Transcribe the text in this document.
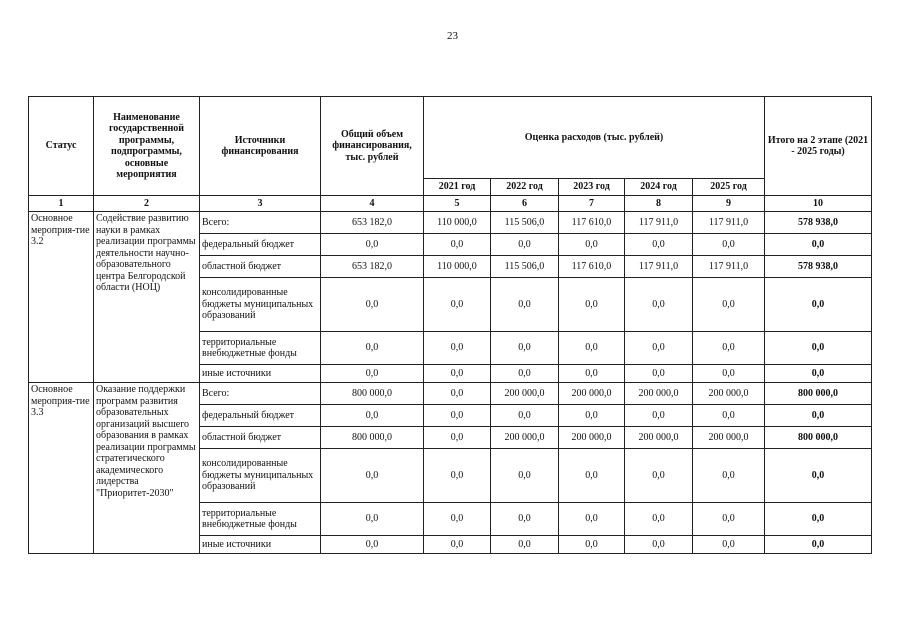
23
Статус	Наименование государственной программы, подпрограммы, основные мероприятия	Источники финансирования	Общий объем финансирования, тыс. рублей	Оценка расходов (тыс. рублей)					Итого на 2 этапе (2021 - 2025 годы)
				2021 год	2022 год	2023 год	2024 год	2025 год	
1	2	3	4	5	6	7	8	9	10
Основное мероприя-тие 3.2	Содействие развитию науки в рамках реализации программы деятельности научно-образовательного центра Белгородской области (НОЦ)	Всего:	653 182,0	110 000,0	115 506,0	117 610,0	117 911,0	117 911,0	578 938,0
		федеральный бюджет	0,0	0,0	0,0	0,0	0,0	0,0	0,0
		областной бюджет	653 182,0	110 000,0	115 506,0	117 610,0	117 911,0	117 911,0	578 938,0
		консолидированные бюджеты муниципальных образований	0,0	0,0	0,0	0,0	0,0	0,0	0,0
		территориальные внебюджетные фонды	0,0	0,0	0,0	0,0	0,0	0,0	0,0
		иные источники	0,0	0,0	0,0	0,0	0,0	0,0	0,0
Основное мероприя-тие 3.3	Оказание поддержки программ развития образовательных организаций высшего образования в рамках реализации программы стратегического академического лидерства "Приоритет-2030"	Всего:	800 000,0	0,0	200 000,0	200 000,0	200 000,0	200 000,0	800 000,0
		федеральный бюджет	0,0	0,0	0,0	0,0	0,0	0,0	0,0
		областной бюджет	800 000,0	0,0	200 000,0	200 000,0	200 000,0	200 000,0	800 000,0
		консолидированные бюджеты муниципальных образований	0,0	0,0	0,0	0,0	0,0	0,0	0,0
		территориальные внебюджетные фонды	0,0	0,0	0,0	0,0	0,0	0,0	0,0
		иные источники	0,0	0,0	0,0	0,0	0,0	0,0	0,0
